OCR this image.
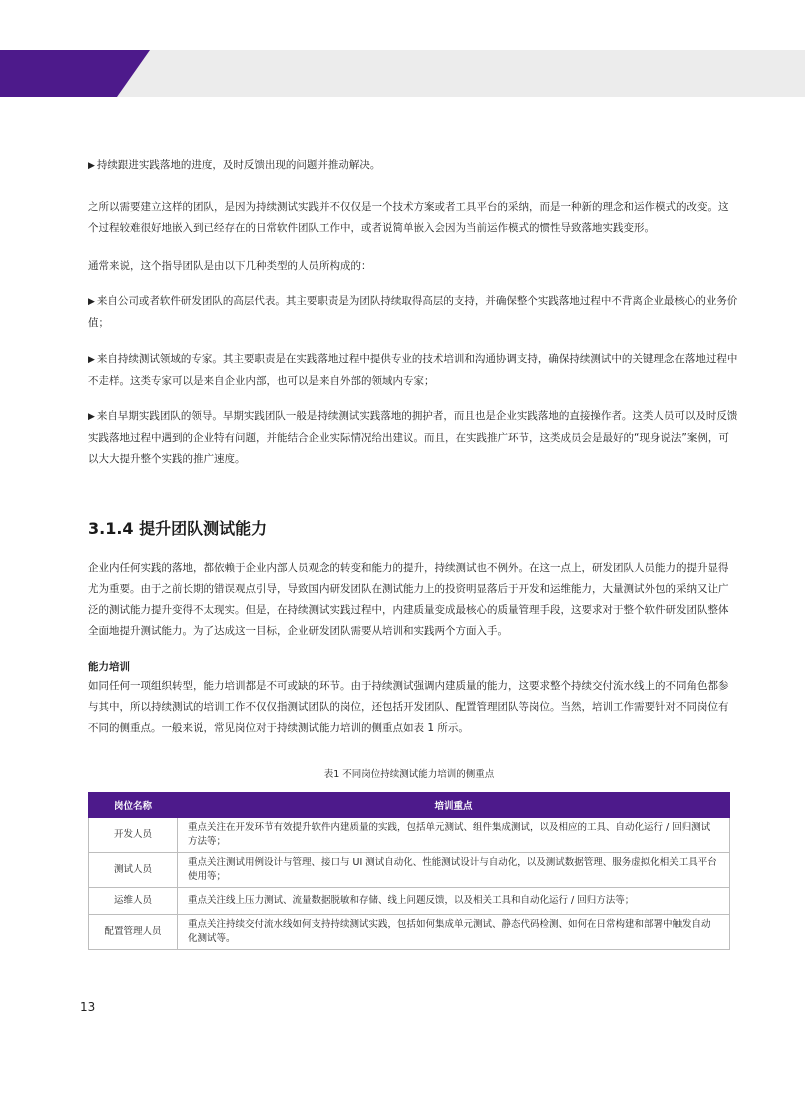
▶ 持续跟进实践落地的进度，及时反馈出现的问题并推动解决。

之所以需要建立这样的团队，是因为持续测试实践并不仅仅是一个技术方案或者工具平台的采纳，而是一种新的理念和运作模式的改变。这个过程较难很好地嵌入到已经存在的日常软件团队工作中，或者说简单嵌入会因为当前运作模式的惯性导致落地实践变形。

通常来说，这个指导团队是由以下几种类型的人员所构成的：

▶ 来自公司或者软件研发团队的高层代表。其主要职责是为团队持续取得高层的支持，并确保整个实践落地过程中不背离企业最核心的业务价值；

▶ 来自持续测试领域的专家。其主要职责是在实践落地过程中提供专业的技术培训和沟通协调支持，确保持续测试中的关键理念在落地过程中不走样。这类专家可以是来自企业内部，也可以是来自外部的领域内专家；

▶ 来自早期实践团队的领导。早期实践团队一般是持续测试实践落地的拥护者，而且也是企业实践落地的直接操作者。这类人员可以及时反馈实践落地过程中遇到的企业特有问题，并能结合企业实际情况给出建议。而且，在实践推广环节，这类成员会是最好的“现身说法”案例，可以大大提升整个实践的推广速度。

3.1.4 提升团队测试能力

企业内任何实践的落地，都依赖于企业内部人员观念的转变和能力的提升，持续测试也不例外。在这一点上，研发团队人员能力的提升显得尤为重要。由于之前长期的错误观点引导，导致国内研发团队在测试能力上的投资明显落后于开发和运维能力，大量测试外包的采纳又让广泛的测试能力提升变得不太现实。但是，在持续测试实践过程中，内建质量变成最核心的质量管理手段，这要求对于整个软件研发团队整体全面地提升测试能力。为了达成这一目标，企业研发团队需要从培训和实践两个方面入手。

能力培训

如同任何一项组织转型，能力培训都是不可或缺的环节。由于持续测试强调内建质量的能力，这要求整个持续交付流水线上的不同角色都参与其中，所以持续测试的培训工作不仅仅指测试团队的岗位，还包括开发团队、配置管理团队等岗位。当然，培训工作需要针对不同岗位有不同的侧重点。一般来说，常见岗位对于持续测试能力培训的侧重点如表 1 所示。

表1 不同岗位持续测试能力培训的侧重点
岗位名称	培训重点
开发人员	重点关注在开发环节有效提升软件内建质量的实践，包括单元测试、组件集成测试，以及相应的工具、自动化运行 / 回归测试方法等；
测试人员	重点关注测试用例设计与管理、接口与 UI 测试自动化、性能测试设计与自动化，以及测试数据管理、服务虚拟化相关工具平台使用等；
运维人员	重点关注线上压力测试、流量数据脱敏和存储、线上问题反馈，以及相关工具和自动化运行 / 回归方法等；
配置管理人员	重点关注持续交付流水线如何支持持续测试实践，包括如何集成单元测试、静态代码检测、如何在日常构建和部署中触发自动化测试等。
13
